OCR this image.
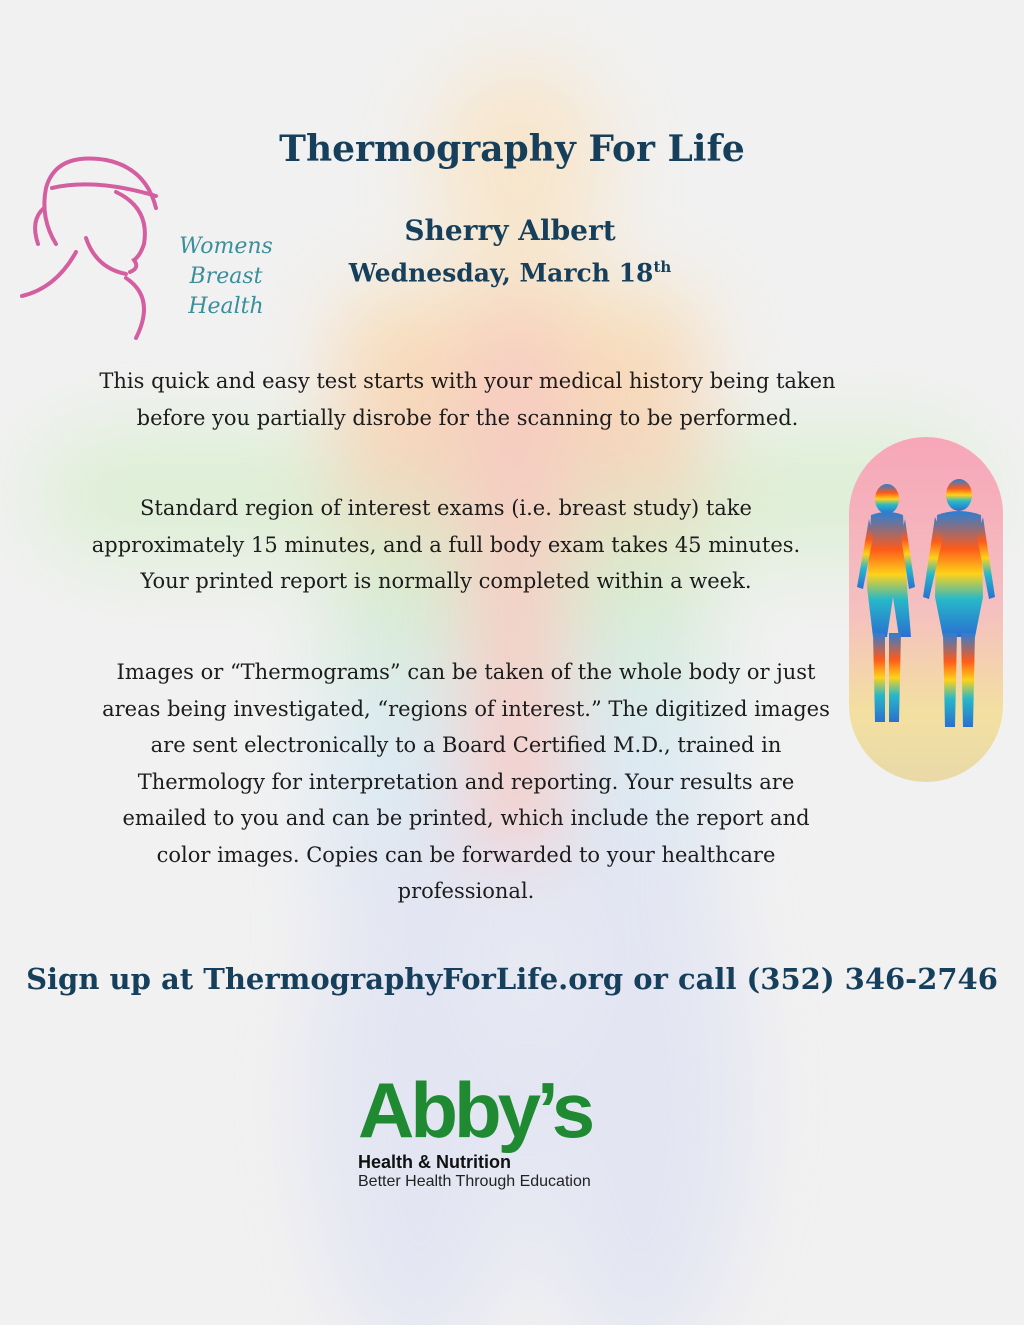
Thermography For Life
Womens
Breast
Health
Sherry Albert
Wednesday, March 18th

This quick and easy test starts with your medical history being taken before you partially disrobe for the scanning to be performed.

Standard region of interest exams (i.e. breast study) take approximately 15 minutes, and a full body exam takes 45 minutes. Your printed report is normally completed within a week.

Images or “Thermograms” can be taken of the whole body or just areas being investigated, “regions of interest.” The digitized images are sent electronically to a Board Certified M.D., trained in Thermology for interpretation and reporting. Your results are emailed to you and can be printed, which include the report and color images. Copies can be forwarded to your healthcare professional.

Sign up at ThermographyForLife.org or call (352) 346-2746
Abby’s
Health & Nutrition
Better Health Through Education
